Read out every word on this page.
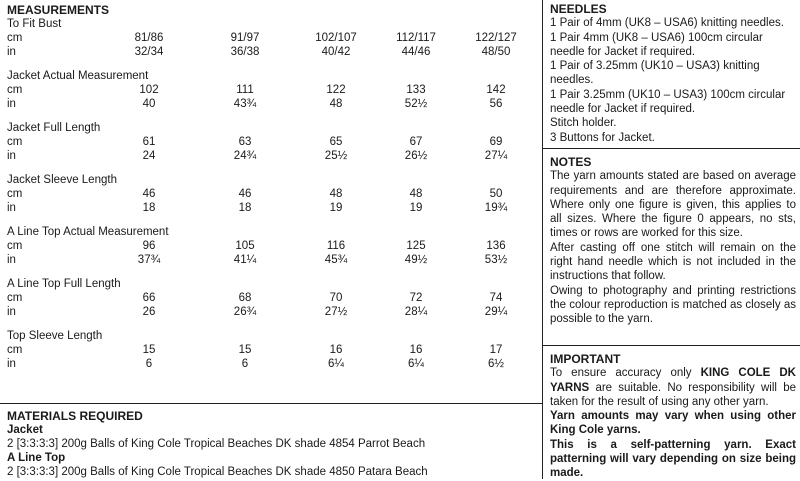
MEASUREMENTS
To Fit Bust
cm	81/86	91/97	102/107	112/117	122/127
in	32/34	36/38	40/42	44/46	48/50
Jacket Actual Measurement
cm	102	111	122	133	142
in	40	43¾	48	52½	56
Jacket Full Length
cm	61	63	65	67	69
in	24	24¾	25½	26½	27¼
Jacket Sleeve Length
cm	46	46	48	48	50
in	18	18	19	19	19¾
A Line Top Actual Measurement
cm	96	105	116	125	136
in	37¾	41¼	45¾	49½	53½
A Line Top Full Length
cm	66	68	70	72	74
in	26	26¾	27½	28¼	29¼
Top Sleeve Length
cm	15	15	16	16	17
in	6	6	6¼	6¼	6½
MATERIALS REQUIRED
Jacket
2 [3:3:3:3] 200g Balls of King Cole Tropical Beaches DK shade 4854 Parrot Beach
A Line Top
2 [3:3:3:3] 200g Balls of King Cole Tropical Beaches DK shade 4850 Patara Beach

NEEDLES

1 Pair of 4mm (UK8 – USA6) knitting needles.

1 Pair 4mm (UK8 – USA6) 100cm circular

needle for Jacket if required.

1 Pair of 3.25mm (UK10 – USA3) knitting

needles.

1 Pair 3.25mm (UK10 – USA3) 100cm circular

needle for Jacket if required.

Stitch holder.

3 Buttons for Jacket.

NOTES

The yarn amounts stated are based on average requirements and are therefore approximate. Where only one figure is given, this applies to all sizes. Where the figure 0 appears, no sts, times or rows are worked for this size.

After casting off one stitch will remain on the right hand needle which is not included in the instructions that follow.

Owing to photography and printing restrictions the colour reproduction is matched as closely as possible to the yarn.

IMPORTANT

To ensure accuracy only KING COLE DK YARNS are suitable. No responsibility will be taken for the result of using any other yarn.

Yarn amounts may vary when using other King Cole yarns.

This is a self-patterning yarn. Exact patterning will vary depending on size being made.
